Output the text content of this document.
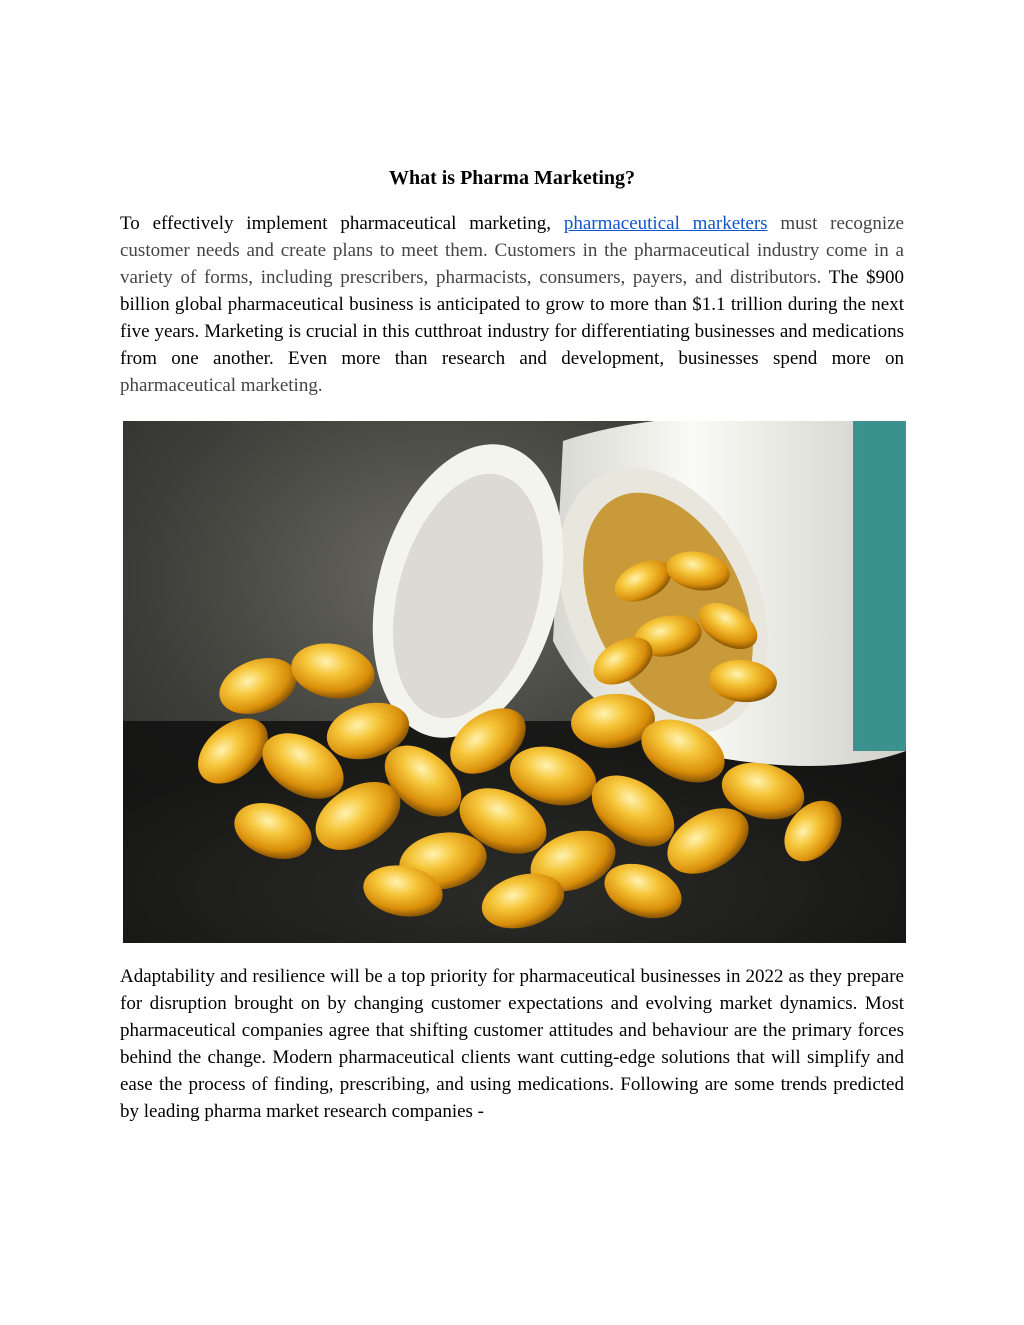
What is Pharma Marketing?

To effectively implement pharmaceutical marketing, pharmaceutical marketers must recognize customer needs and create plans to meet them. Customers in the pharmaceutical industry come in a variety of forms, including prescribers, pharmacists, consumers, payers, and distributors. The $900 billion global pharmaceutical business is anticipated to grow to more than $1.1 trillion during the next five years. Marketing is crucial in this cutthroat industry for differentiating businesses and medications from one another. Even more than research and development, businesses spend more on pharmaceutical marketing.

Adaptability and resilience will be a top priority for pharmaceutical businesses in 2022 as they prepare for disruption brought on by changing customer expectations and evolving market dynamics. Most pharmaceutical companies agree that shifting customer attitudes and behaviour are the primary forces behind the change. Modern pharmaceutical clients want cutting-edge solutions that will simplify and ease the process of finding, prescribing, and using medications. Following are some trends predicted by leading pharma market research companies -
